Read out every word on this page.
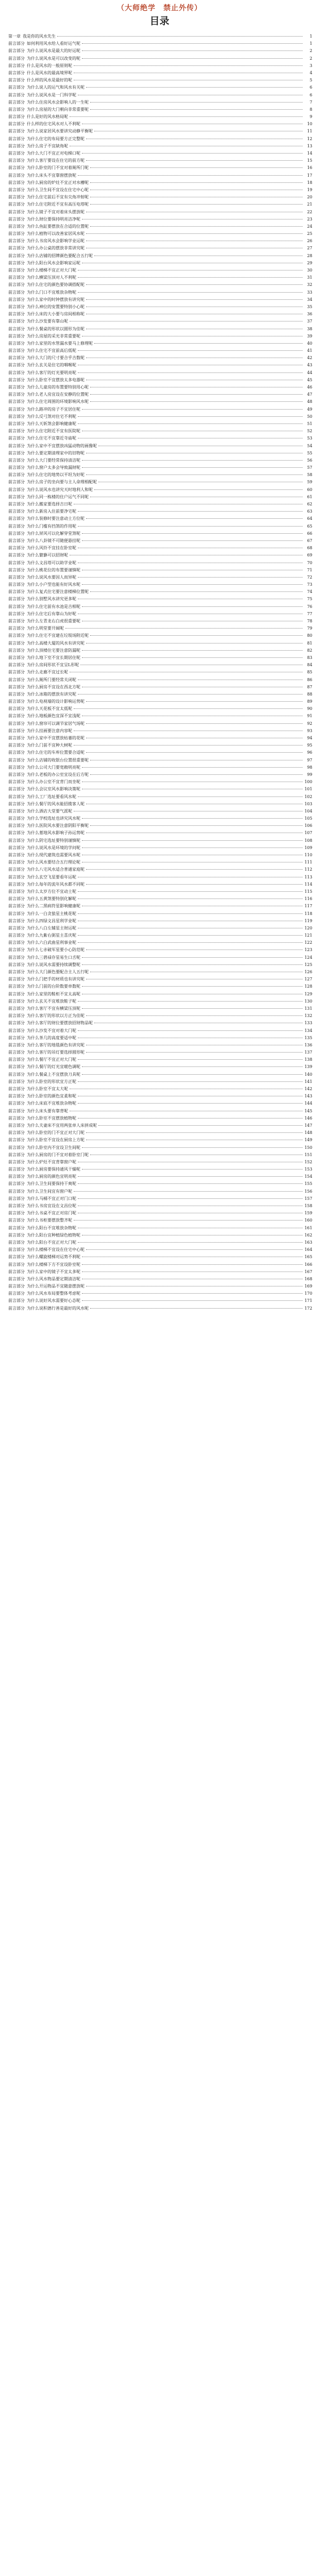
（大师绝学　禁止外传）
目录
第一章 我是你的风水先生	1
前言部分 如何利用风水给人看好运气呢	1
前言部分 为什么说风水是最大的好运呢	2
前言部分 为什么说风水是可以改变的呢	2
前言部分 什么是风水的一般原则呢	3
前言部分 什么是风水的最高境界呢	4
前言部分 什么样的风水是最好的呢	5
前言部分 为什么说人的运气和风水有关呢	6
前言部分 为什么说风水是一门科学呢	6
前言部分 为什么住房风水会影响人的一生呢	7
前言部分 为什么房屋的大门朝向非常重要呢	8
前言部分 什么是好的风水格局呢	9
前言部分 什么样的住宅风水对人不利呢	10
前言部分 为什么说家居风水要讲究动静平衡呢	11
前言部分 为什么住宅的布局要方正完整呢	12
前言部分 为什么房子不宜缺角呢	13
前言部分 为什么大门不宜正对电梯口呢	14
前言部分 为什么客厅要设在住宅的前方呢	15
前言部分 为什么卧室的门不宜对着厕所门呢	16
前言部分 为什么床头不宜靠窗摆放呢	17
前言部分 为什么厨房的炉灶不宜正对水槽呢	18
前言部分 为什么卫生间不宜设在住宅中心呢	19
前言部分 为什么住宅前后不宜有尖角冲射呢	20
前言部分 为什么住宅附近不宜有高压电塔呢	21
前言部分 为什么镜子不宜对着床头摆放呢	22
前言部分 为什么财位要保持明亮洁净呢	23
前言部分 为什么鱼缸要摆放在合适的位置呢	24
前言部分 为什么植物可以改善家居风水呢	25
前言部分 为什么书房风水会影响学业运呢	26
前言部分 为什么办公桌的摆放非常讲究呢	27
前言部分 为什么店铺的招牌颜色要配合五行呢	28
前言部分 为什么阳台风水会影响家运呢	29
前言部分 为什么楼梯不宜正对大门呢	30
前言部分 为什么横梁压顶对人不利呢	31
前言部分 为什么住宅的颜色要协调搭配呢	32
前言部分 为什么门口不宜堆放杂物呢	33
前言部分 为什么家中的时钟摆放有讲究呢	34
前言部分 为什么神位的安置要特别小心呢	35
前言部分 为什么床的大小要与房间相称呢	36
前言部分 为什么沙发要有靠山呢	37
前言部分 为什么餐桌的形状以圆形为佳呢	38
前言部分 为什么房屋的采光非常重要呢	39
前言部分 为什么家里的水管漏水要马上修理呢	40
前言部分 为什么住宅不宜前高后低呢	41
前言部分 为什么大门的尺寸要合乎吉数呢	42
前言部分 为什么玄关是住宅的咽喉呢	43
前言部分 为什么客厅的灯光要明亮呢	44
前言部分 为什么卧室不宜摆放太多电器呢	45
前言部分 为什么儿童房的布置要特别用心呢	46
前言部分 为什么老人房宜设在安静的位置呢	47
前言部分 为什么住宅周围的环境影响风水呢	48
前言部分 为什么路冲的房子不宜居住呢	49
前言部分 为什么反弓煞对住宅不利呢	50
前言部分 为什么天斩煞会影响健康呢	51
前言部分 为什么住宅附近不宜有医院呢	52
前言部分 为什么住宅不宜靠近寺庙呢	53
前言部分 为什么家中不宜摆放凶猛动物的画像呢	54
前言部分 为什么要定期清理家中的旧物呢	55
前言部分 为什么大门要经常保持清洁呢	56
前言部分 为什么窗户太多会导致漏财呢	57
前言部分 为什么住宅的地势以平坦为好呢	58
前言部分 为什么房子的坐向要与主人命理相配呢	59
前言部分 为什么说风水也讲究天时地利人和呢	60
前言部分 为什么同一栋楼的住户运气不同呢	61
前言部分 为什么搬家要选择吉日呢	62
前言部分 为什么新房入住前要净宅呢	63
前言部分 为什么装修时要注意动土方位呢	64
前言部分 为什么门槛有挡煞的作用呢	65
前言部分 为什么屏风可以化解穿堂煞呢	66
前言部分 为什么八卦镜不可随便悬挂呢	67
前言部分 为什么风铃不宜挂在卧室呢	68
前言部分 为什么貔貅可以招财呢	69
前言部分 为什么文昌塔可以助学业呢	70
前言部分 为什么桃花位的布置要谨慎呢	71
前言部分 为什么说风水要因人而异呢	72
前言部分 为什么小户型也能有好风水呢	73
前言部分 为什么复式住宅要注意楼梯位置呢	74
前言部分 为什么别墅风水讲究更多呢	75
前言部分 为什么住宅前有水池是吉相呢	76
前言部分 为什么住宅后有靠山为好呢	77
前言部分 为什么左青龙右白虎很重要呢	78
前言部分 为什么明堂要开阔呢	79
前言部分 为什么住宅不宜建在垃圾场附近呢	80
前言部分 为什么高楼大厦的风水有讲究呢	81
前言部分 为什么顶楼住宅要注意防漏呢	82
前言部分 为什么地下室不宜长期居住呢	83
前言部分 为什么房间形状不宜呈L形呢	84
前言部分 为什么走廊不宜过长呢	85
前言部分 为什么厕所门要经常关闭呢	86
前言部分 为什么厨房不宜设在西北方呢	87
前言部分 为什么冰箱的摆放有讲究呢	88
前言部分 为什么电视墙的设计影响运势呢	89
前言部分 为什么天花板不宜太低呢	90
前言部分 为什么地板颜色宜深不宜浅呢	91
前言部分 为什么窗帘可以调节家居气场呢	92
前言部分 为什么挂画要注意内容呢	93
前言部分 为什么家中不宜摆放枯萎的花呢	94
前言部分 为什么门前不宜种大树呢	95
前言部分 为什么住宅的车库位置要合适呢	96
前言部分 为什么店铺的收银台位置很重要呢	97
前言部分 为什么公司大门要宽敞明亮呢	98
前言部分 为什么老板的办公室宜设在后方呢	99
前言部分 为什么办公室不宜背门而坐呢	100
前言部分 为什么会议室风水影响决策呢	101
前言部分 为什么工厂选址要看风水呢	102
前言部分 为什么餐厅的风水能招揽客人呢	103
前言部分 为什么酒店大堂要气派呢	104
前言部分 为什么学校选址也讲究风水呢	105
前言部分 为什么医院风水要注意阴阳平衡呢	106
前言部分 为什么墓地风水影响子孙运势呢	107
前言部分 为什么阴宅选址要特别谨慎呢	108
前言部分 为什么说风水是环境的学问呢	109
前言部分 为什么现代建筑也需要风水呢	110
前言部分 为什么风水要结合五行理论呢	111
前言部分 为什么八宅风水适合普通家庭呢	112
前言部分 为什么玄空飞星要看年运呢	113
前言部分 为什么每年的流年风水都不同呢	114
前言部分 为什么太岁方位不宜动土呢	115
前言部分 为什么五黄煞要特别化解呢	116
前言部分 为什么二黑病符星影响健康呢	117
前言部分 为什么一白贪狼星主桃花呢	118
前言部分 为什么四绿文昌星利学业呢	119
前言部分 为什么八白左辅星主财运呢	120
前言部分 为什么九紫右弼星主喜庆呢	121
前言部分 为什么六白武曲星利事业呢	122
前言部分 为什么七赤破军星要小心防范呢	123
前言部分 为什么三碧禄存星易生口舌呢	124
前言部分 为什么说风水需要持续调整呢	125
前言部分 为什么大门颜色要配合主人五行呢	126
前言部分 为什么门把手的材质也有讲究呢	127
前言部分 为什么门前的台阶数要单数呢	128
前言部分 为什么家里的鞋柜不宜太高呢	129
前言部分 为什么玄关不宜堆放鞋子呢	130
前言部分 为什么客厅不宜有横梁压顶呢	131
前言部分 为什么客厅的形状以方正为佳呢	132
前言部分 为什么客厅的财位要摆放招财物品呢	133
前言部分 为什么沙发不宜对着大门呢	134
前言部分 为什么茶几的高度要适中呢	135
前言部分 为什么客厅的地毯颜色有讲究呢	136
前言部分 为什么客厅的吊灯要选择圆形呢	137
前言部分 为什么餐厅不宜正对大门呢	138
前言部分 为什么餐厅的灯光宜暖色调呢	139
前言部分 为什么餐桌上不宜摆放刀具呢	140
前言部分 为什么卧室的形状宜方正呢	141
前言部分 为什么卧室不宜太大呢	142
前言部分 为什么卧室的颜色宜柔和呢	143
前言部分 为什么床底不宜堆放杂物呢	144
前言部分 为什么床头要有靠背呢	145
前言部分 为什么卧室不宜摆放植物呢	146
前言部分 为什么夫妻床不宜用两张单人床拼成呢	147
前言部分 为什么卧室的门不宜正对大门呢	148
前言部分 为什么卧室不宜设在厨房上方呢	149
前言部分 为什么卧室内不宜设卫生间呢	150
前言部分 为什么厨房的门不宜对着卧室门呢	151
前言部分 为什么炉灶不宜背靠窗户呢	152
前言部分 为什么厨房要保持通风干燥呢	153
前言部分 为什么厨房的颜色宜明亮呢	154
前言部分 为什么卫生间要保持干爽呢	155
前言部分 为什么卫生间宜有窗户呢	156
前言部分 为什么马桶不宜正对门口呢	157
前言部分 为什么书房宜设在文昌位呢	158
前言部分 为什么书桌不宜正对房门呢	159
前言部分 为什么书柜要摆放整齐呢	160
前言部分 为什么阳台不宜堆放杂物呢	161
前言部分 为什么阳台宜种植绿色植物呢	162
前言部分 为什么阳台不宜正对大门呢	163
前言部分 为什么楼梯不宜设在住宅中心呢	164
前言部分 为什么螺旋楼梯对运势不利呢	165
前言部分 为什么楼梯下方不宜设卧室呢	166
前言部分 为什么家中的镜子不宜太多呢	167
前言部分 为什么风水物品要定期清洁呢	168
前言部分 为什么开运物品不宜随意摆放呢	169
前言部分 为什么风水布局要整体考虑呢	170
前言部分 为什么说好风水需要好心态呢	171
前言部分 为什么说积德行善是最好的风水呢	172
